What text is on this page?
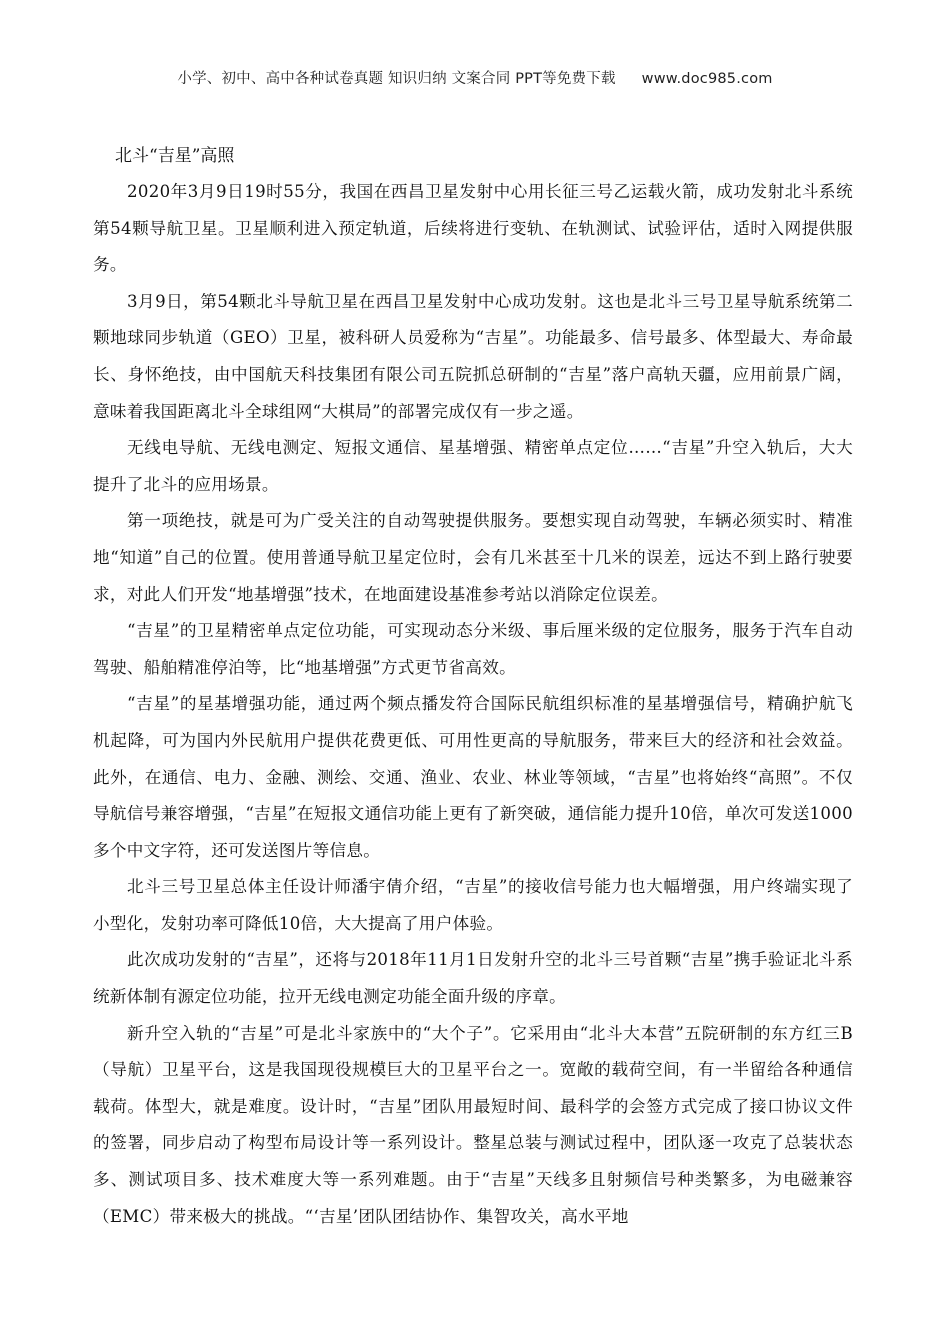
小学、初中、高中各种试卷真题 知识归纳 文案合同 PPT等免费下载 www.doc985.com
北斗“吉星”高照

2020年3月9日19时55分，我国在西昌卫星发射中心用长征三号乙运载火箭，成功发射北斗系统第54颗导航卫星。卫星顺利进入预定轨道，后续将进行变轨、在轨测试、试验评估，适时入网提供服务。

3月9日，第54颗北斗导航卫星在西昌卫星发射中心成功发射。这也是北斗三号卫星导航系统第二颗地球同步轨道（GEO）卫星，被科研人员爱称为“吉星”。功能最多、信号最多、体型最大、寿命最长、身怀绝技，由中国航天科技集团有限公司五院抓总研制的“吉星”落户高轨天疆，应用前景广阔，意味着我国距离北斗全球组网“大棋局”的部署完成仅有一步之遥。

无线电导航、无线电测定、短报文通信、星基增强、精密单点定位……“吉星”升空入轨后，大大提升了北斗的应用场景。

第一项绝技，就是可为广受关注的自动驾驶提供服务。要想实现自动驾驶，车辆必须实时、精准地“知道”自己的位置。使用普通导航卫星定位时，会有几米甚至十几米的误差，远达不到上路行驶要求，对此人们开发“地基增强”技术，在地面建设基准参考站以消除定位误差。

“吉星”的卫星精密单点定位功能，可实现动态分米级、事后厘米级的定位服务，服务于汽车自动驾驶、船舶精准停泊等，比“地基增强”方式更节省高效。

“吉星”的星基增强功能，通过两个频点播发符合国际民航组织标准的星基增强信号，精确护航飞机起降，可为国内外民航用户提供花费更低、可用性更高的导航服务，带来巨大的经济和社会效益。此外，在通信、电力、金融、测绘、交通、渔业、农业、林业等领域，“吉星”也将始终“高照”。不仅导航信号兼容增强，“吉星”在短报文通信功能上更有了新突破，通信能力提升10倍，单次可发送1000多个中文字符，还可发送图片等信息。

北斗三号卫星总体主任设计师潘宇倩介绍，“吉星”的接收信号能力也大幅增强，用户终端实现了小型化，发射功率可降低10倍，大大提高了用户体验。

此次成功发射的“吉星”，还将与2018年11月1日发射升空的北斗三号首颗“吉星”携手验证北斗系统新体制有源定位功能，拉开无线电测定功能全面升级的序章。

新升空入轨的“吉星”可是北斗家族中的“大个子”。它采用由“北斗大本营”五院研制的东方红三B（导航）卫星平台，这是我国现役规模巨大的卫星平台之一。宽敞的载荷空间，有一半留给各种通信载荷。体型大，就是难度。设计时，“吉星”团队用最短时间、最科学的会签方式完成了接口协议文件的签署，同步启动了构型布局设计等一系列设计。整星总装与测试过程中，团队逐一攻克了总装状态多、测试项目多、技术难度大等一系列难题。由于“吉星”天线多且射频信号种类繁多，为电磁兼容（EMC）带来极大的挑战。“‘吉星’团队团结协作、集智攻关，高水平地
